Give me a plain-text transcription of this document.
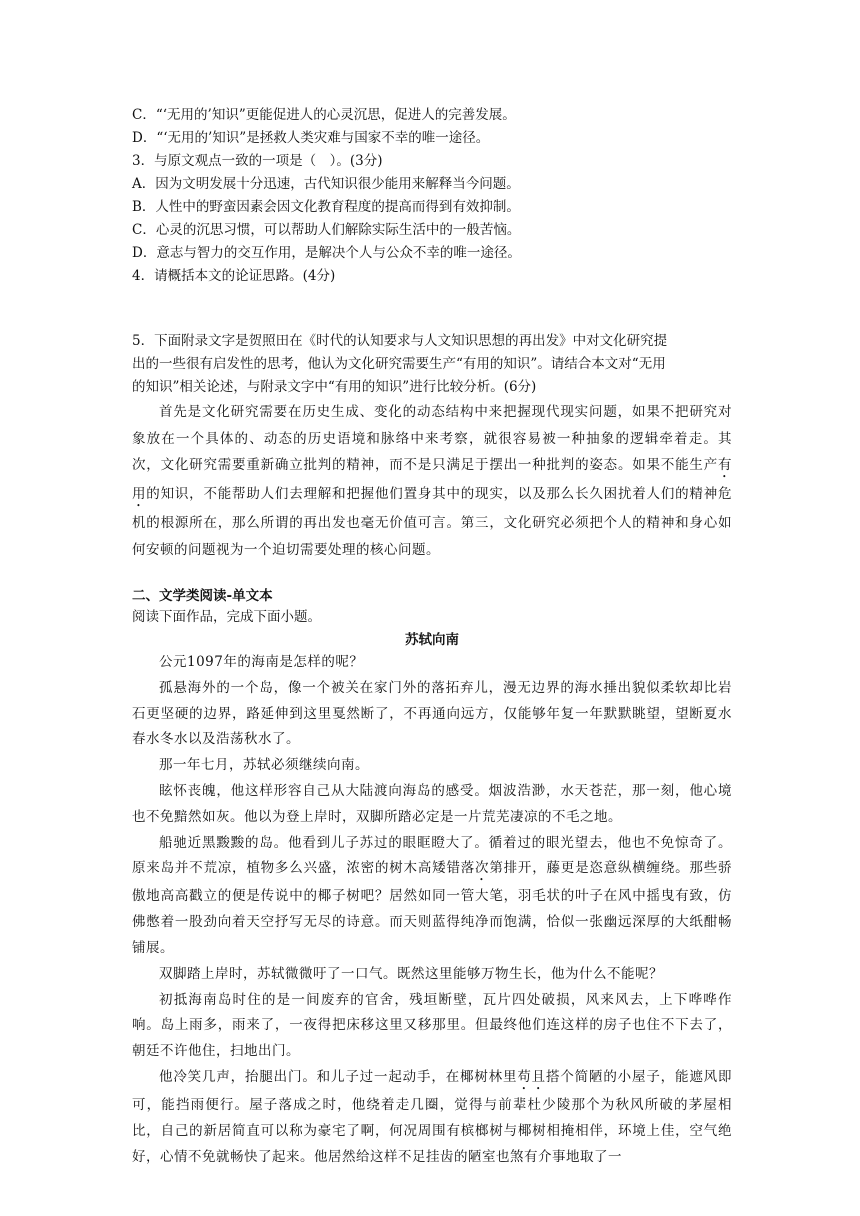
C．“‘无用的’知识”更能促进人的心灵沉思，促进人的完善发展。
D．“‘无用的’知识”是拯救人类灾难与国家不幸的唯一途径。
3．与原文观点一致的一项是（　）。(3分)
A．因为文明发展十分迅速，古代知识很少能用来解释当今问题。
B．人性中的野蛮因素会因文化教育程度的提高而得到有效抑制。
C．心灵的沉思习惯，可以帮助人们解除实际生活中的一般苦恼。
D．意志与智力的交互作用，是解决个人与公众不幸的唯一途径。
4．请概括本文的论证思路。(4分)
5．下面附录文字是贺照田在《时代的认知要求与人文知识思想的再出发》中对文化研究提
出的一些很有启发性的思考，他认为文化研究需要生产“有用的知识”。请结合本文对“无用
的知识”相关论述，与附录文字中“有用的知识”进行比较分析。(6分)

首先是文化研究需要在历史生成、变化的动态结构中来把握现代现实问题，如果不把研究对象放在一个具体的、动态的历史语境和脉络中来考察，就很容易被一种抽象的逻辑牵着走。其次，文化研究需要重新确立批判的精神，而不是只满足于摆出一种批判的姿态。如果不能生产有用的知识，不能帮助人们去理解和把握他们置身其中的现实，以及那么长久困扰着人们的精神危机的根源所在，那么所谓的再出发也毫无价值可言。第三，文化研究必须把个人的精神和身心如何安顿的问题视为一个迫切需要处理的核心问题。

二、文学类阅读-单文本
阅读下面作品，完成下面小题。
苏轼向南

公元1097年的海南是怎样的呢？

孤悬海外的一个岛，像一个被关在家门外的落拓弃儿，漫无边界的海水捶出貌似柔软却比岩石更坚硬的边界，路延伸到这里戛然断了，不再通向远方，仅能够年复一年默默眺望，望断夏水春水冬水以及浩荡秋水了。

那一年七月，苏轼必须继续向南。

眩怀丧魄，他这样形容自己从大陆渡向海岛的感受。烟波浩渺，水天苍茫，那一刻，他心境也不免黯然如灰。他以为登上岸时，双脚所踏必定是一片荒芜凄凉的不毛之地。

船驰近黑黢黢的岛。他看到儿子苏过的眼眶瞪大了。循着过的眼光望去，他也不免惊奇了。原来岛并不荒凉，植物多么兴盛，浓密的树木高矮错落次第排开，藤更是恣意纵横缠绕。那些骄傲地高高戳立的便是传说中的椰子树吧？居然如同一管大笔，羽毛状的叶子在风中摇曳有致，仿佛憋着一股劲向着天空抒写无尽的诗意。而天则蓝得纯净而饱满，恰似一张幽远深厚的大纸酣畅铺展。

双脚踏上岸时，苏轼微微吁了一口气。既然这里能够万物生长，他为什么不能呢？

初抵海南岛时住的是一间废弃的官舍，残垣断壁，瓦片四处破损，风来风去，上下哗哗作响。岛上雨多，雨来了，一夜得把床移这里又移那里。但最终他们连这样的房子也住不下去了，朝廷不许他住，扫地出门。

他冷笑几声，抬腿出门。和儿子过一起动手，在椰树林里苟且搭个简陋的小屋子，能遮风即可，能挡雨便行。屋子落成之时，他绕着走几圈，觉得与前辈杜少陵那个为秋风所破的茅屋相比，自己的新居简直可以称为豪宅了啊，何况周围有槟榔树与椰树相掩相伴，环境上佳，空气绝好，心情不免就畅快了起来。他居然给这样不足挂齿的陋室也煞有介事地取了一
